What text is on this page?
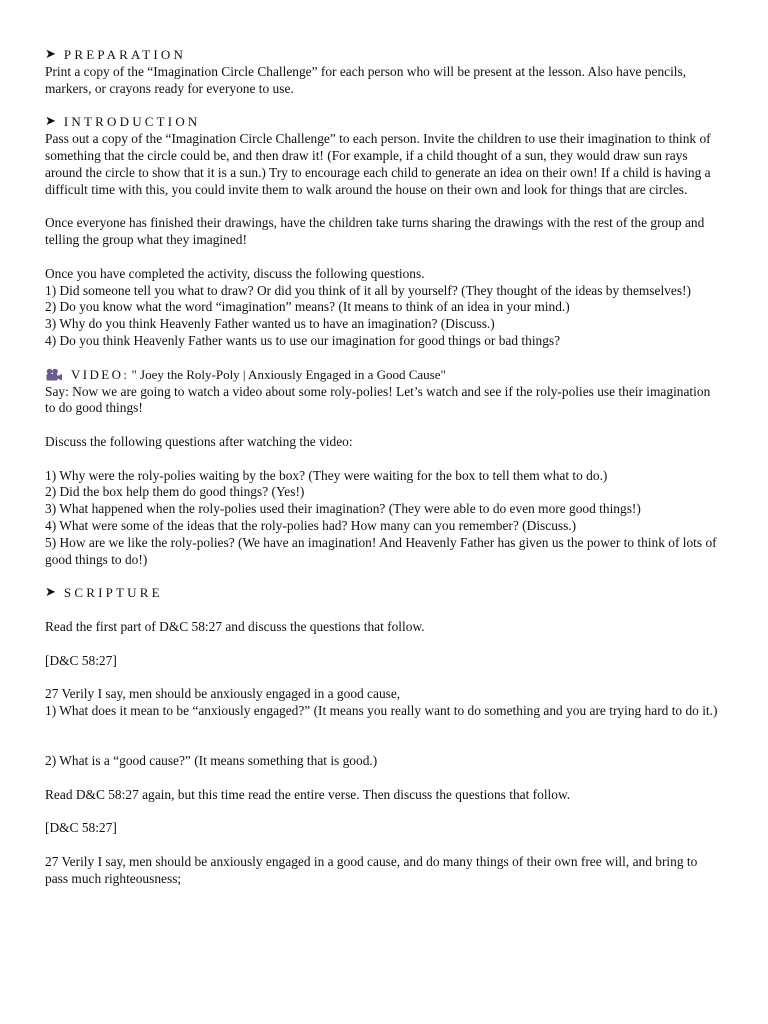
➤ PREPARATION

Print a copy of the “Imagination Circle Challenge” for each person who will be present at the lesson. Also have pencils, markers, or crayons ready for everyone to use.

➤ INTRODUCTION

Pass out a copy of the “Imagination Circle Challenge” to each person. Invite the children to use their imagination to think of something that the circle could be, and then draw it! (For example, if a child thought of a sun, they would draw sun rays around the circle to show that it is a sun.) Try to encourage each child to generate an idea on their own! If a child is having a difficult time with this, you could invite them to walk around the house on their own and look for things that are circles.

Once everyone has finished their drawings, have the children take turns sharing the drawings with the rest of the group and telling the group what they imagined!

Once you have completed the activity, discuss the following questions.

1) Did someone tell you what to draw? Or did you think of it all by yourself? (They thought of the ideas by themselves!)

2) Do you know what the word “imagination” means? (It means to think of an idea in your mind.)

3) Why do you think Heavenly Father wanted us to have an imagination? (Discuss.)

4) Do you think Heavenly Father wants us to use our imagination for good things or bad things?

VIDEO: " Joey the Roly-Poly | Anxiously Engaged in a Good Cause"

Say: Now we are going to watch a video about some roly-polies! Let’s watch and see if the roly-polies use their imagination to do good things!

Discuss the following questions after watching the video:

1) Why were the roly-polies waiting by the box? (They were waiting for the box to tell them what to do.)

2) Did the box help them do good things? (Yes!)

3) What happened when the roly-polies used their imagination? (They were able to do even more good things!)

4) What were some of the ideas that the roly-polies had? How many can you remember? (Discuss.)

5) How are we like the roly-polies? (We have an imagination! And Heavenly Father has given us the power to think of lots of good things to do!)

➤ SCRIPTURE

Read the first part of D&C 58:27 and discuss the questions that follow.

[D&C 58:27]

27 Verily I say, men should be anxiously engaged in a good cause,

1) What does it mean to be “anxiously engaged?” (It means you really want to do something and you are trying hard to do it.)

2) What is a “good cause?” (It means something that is good.)

Read D&C 58:27 again, but this time read the entire verse. Then discuss the questions that follow.

[D&C 58:27]

27 Verily I say, men should be anxiously engaged in a good cause, and do many things of their own free will, and bring to pass much righteousness;
